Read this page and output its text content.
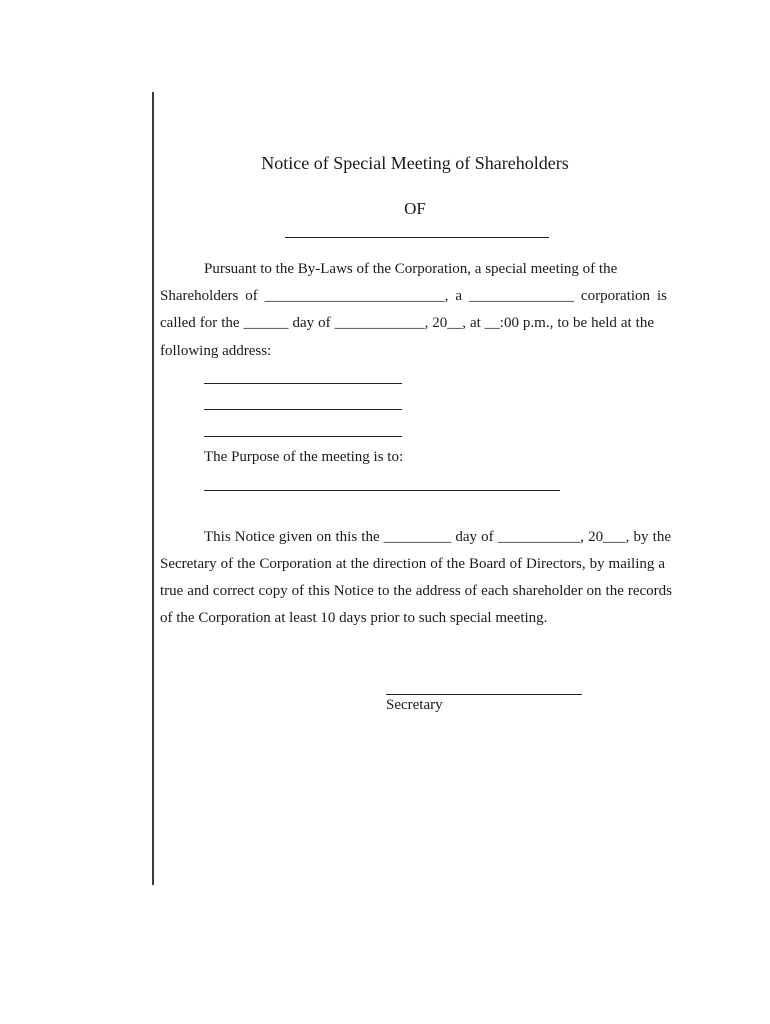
Notice of Special Meeting of Shareholders
OF
Pursuant to the By-Laws of the Corporation, a special meeting of the
Shareholders of ________________________, a ______________ corporation is
called for the ______ day of ____________, 20__, at __:00 p.m., to be held at the
following address:
The Purpose of the meeting is to:
This Notice given on this the _________ day of ___________, 20___, by the
Secretary of the Corporation at the direction of the Board of Directors, by mailing a
true and correct copy of this Notice to the address of each shareholder on the records
of the Corporation at least 10 days prior to such special meeting.
Secretary
